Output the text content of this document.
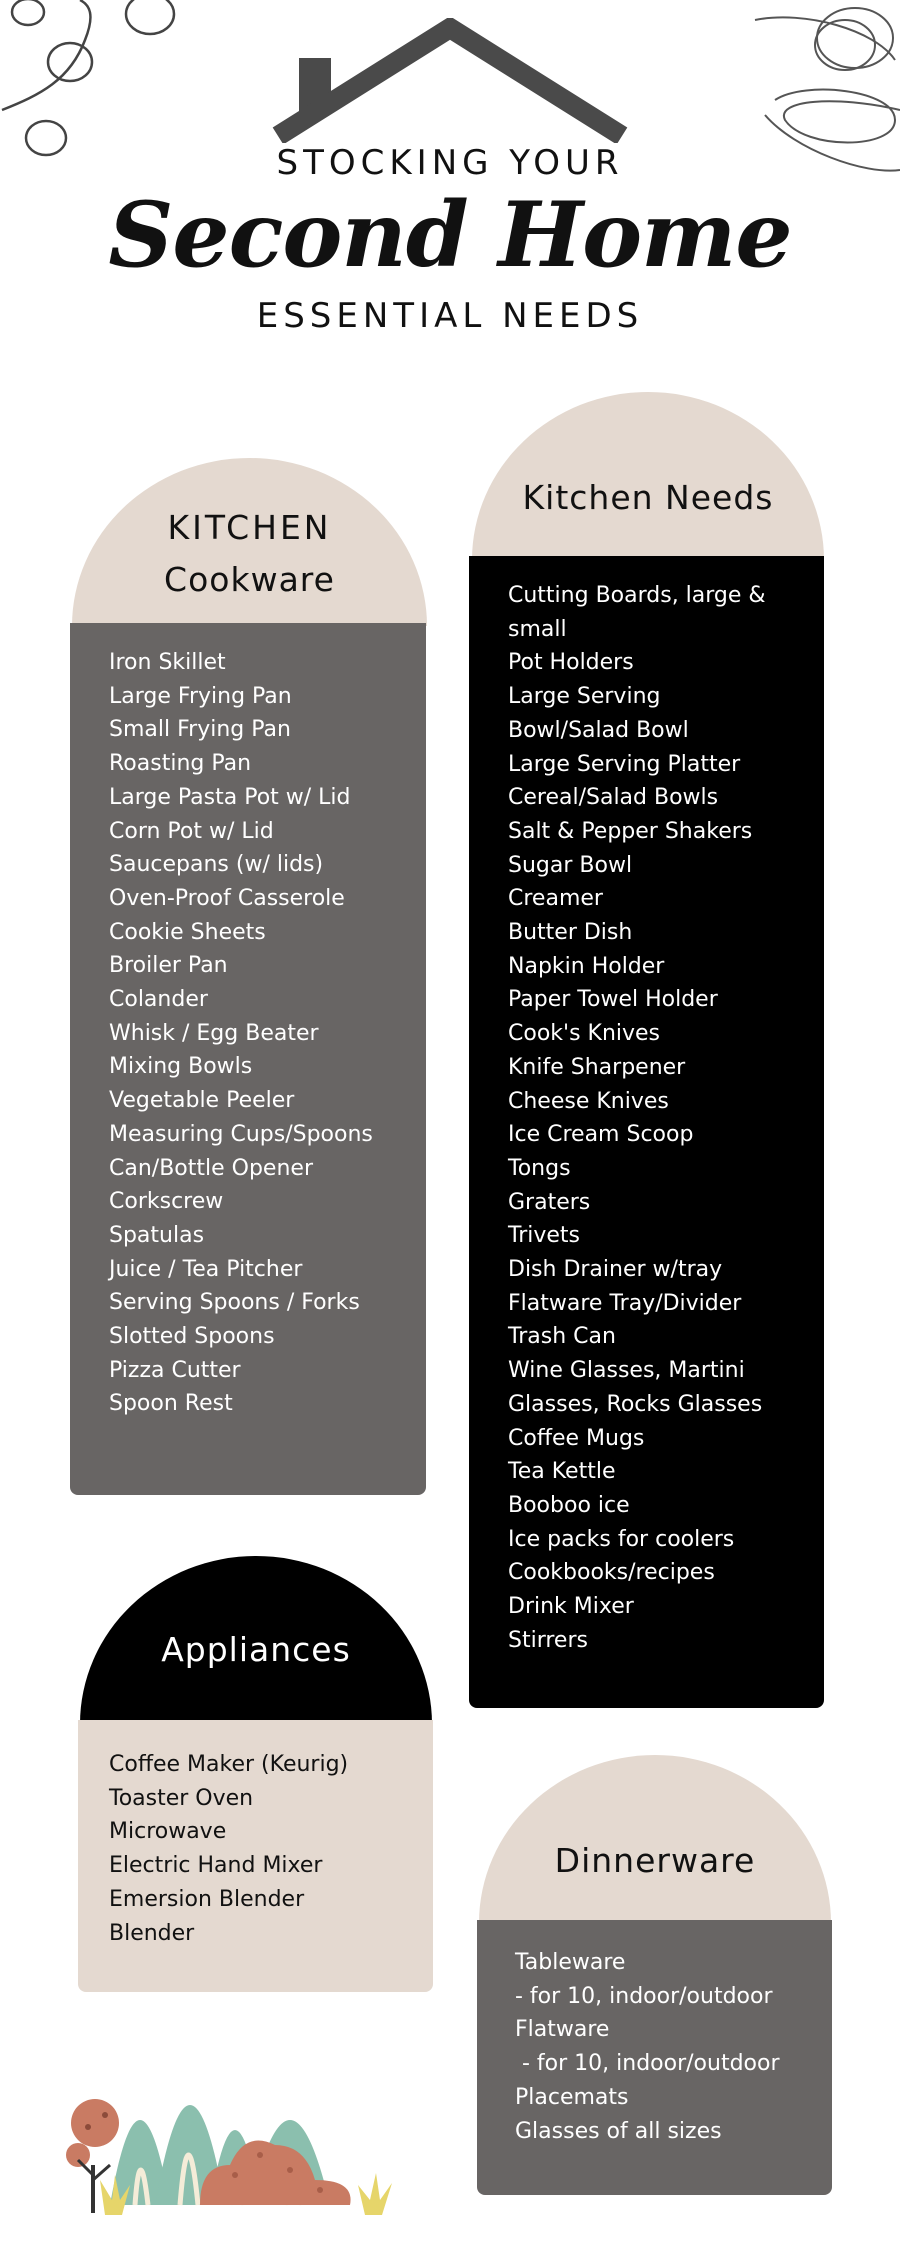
STOCKING YOUR
Second Home
ESSENTIAL NEEDS
KITCHEN
Cookware
Iron Skillet
Large Frying Pan
Small Frying Pan
Roasting Pan
Large Pasta Pot w/ Lid
Corn Pot w/ Lid
Saucepans (w/ lids)
Oven-Proof Casserole
Cookie Sheets
Broiler Pan
Colander
Whisk / Egg Beater
Mixing Bowls
Vegetable Peeler
Measuring Cups/Spoons
Can/Bottle Opener
Corkscrew
Spatulas
Juice / Tea Pitcher
Serving Spoons / Forks
Slotted Spoons
Pizza Cutter
Spoon Rest
Kitchen Needs
Cutting Boards, large &
small
Pot Holders
Large Serving
Bowl/Salad Bowl
Large Serving Platter
Cereal/Salad Bowls
Salt & Pepper Shakers
Sugar Bowl
Creamer
Butter Dish
Napkin Holder
Paper Towel Holder
Cook's Knives
Knife Sharpener
Cheese Knives
Ice Cream Scoop
Tongs
Graters
Trivets
Dish Drainer w/tray
Flatware Tray/Divider
Trash Can
Wine Glasses, Martini
Glasses, Rocks Glasses
Coffee Mugs
Tea Kettle
Booboo ice
Ice packs for coolers
Cookbooks/recipes
Drink Mixer
Stirrers
Appliances
Coffee Maker (Keurig)
Toaster Oven
Microwave
Electric Hand Mixer
Emersion Blender
Blender
Dinnerware
Tableware
- for 10, indoor/outdoor
Flatware
- for 10, indoor/outdoor
Placemats
Glasses of all sizes
